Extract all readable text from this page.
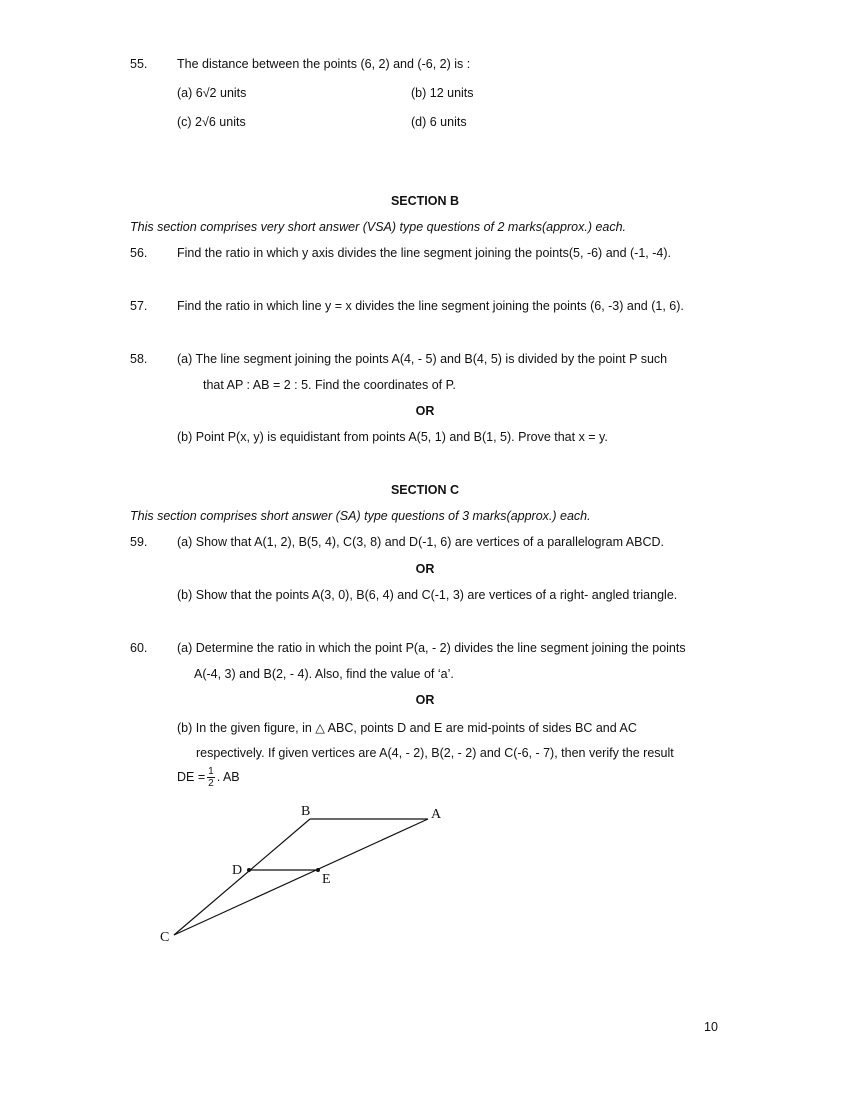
55. The distance between the points (6, 2) and (-6, 2) is :
(a) 6√2 units	(b) 12 units
(c) 2√6 units	(d) 6 units
SECTION B
This section comprises very short answer (VSA) type questions of 2 marks(approx.) each.
56. Find the ratio in which y axis divides the line segment joining the points(5, -6) and (-1, -4).
57. Find the ratio in which line y = x divides the line segment joining the points (6, -3) and (1, 6).
58. (a) The line segment joining the points A(4, - 5) and B(4, 5) is divided by the point P such
that AP : AB = 2 : 5. Find the coordinates of P.
OR
(b) Point P(x, y) is equidistant from points A(5, 1) and B(1, 5). Prove that x = y.
SECTION C
This section comprises short answer (SA) type questions of 3 marks(approx.) each.
59. (a) Show that A(1, 2), B(5, 4), C(3, 8) and D(-1, 6) are vertices of a parallelogram ABCD.
OR
(b) Show that the points A(3, 0), B(6, 4) and C(-1, 3) are vertices of a right- angled triangle.
60. (a) Determine the ratio in which the point P(a, - 2) divides the line segment joining the points
A(-4, 3) and B(2, - 4). Also, find the value of ‘a’.
OR
(b) In the given figure, in △ ABC, points D and E are mid-points of sides BC and AC
respectively. If given vertices are A(4, - 2), B(2, - 2) and C(-6, - 7), then verify the result
DE = $\frac{1}{2}$ . AB
B	A
D
E
C
10
